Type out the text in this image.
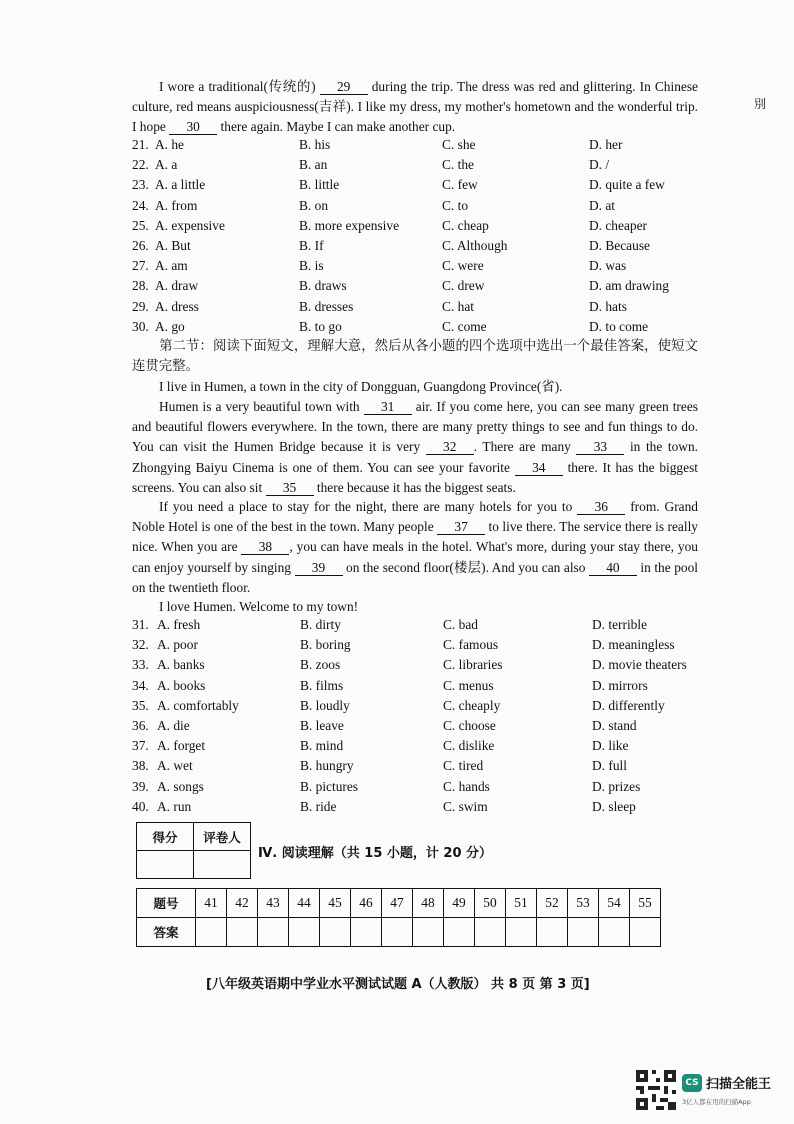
I wore a traditional(传统的) 29 during the trip. The dress was red and glittering. In Chinese culture, red means auspiciousness(吉祥). I like my dress, my mother's hometown and the wonderful trip. I hope 30 there again. Maybe I can make another cup.

別
21. A. he	B. his	C. she	D. her
22. A. a	B. an	C. the	D. /
23. A. a little	B. little	C. few	D. quite a few
24. A. from	B. on	C. to	D. at
25. A. expensive	B. more expensive	C. cheap	D. cheaper
26. A. But	B. If	C. Although	D. Because
27. A. am	B. is	C. were	D. was
28. A. draw	B. draws	C. drew	D. am drawing
29. A. dress	B. dresses	C. hat	D. hats
30. A. go	B. to go	C. come	D. to come

第二节：阅读下面短文，理解大意，然后从各小题的四个选项中选出一个最佳答案，使短文连贯完整。

I live in Humen, a town in the city of Dongguan, Guangdong Province(省).

Humen is a very beautiful town with 31 air. If you come here, you can see many green trees and beautiful flowers everywhere. In the town, there are many pretty things to see and fun things to do. You can visit the Humen Bridge because it is very 32 . There are many 33 in the town. Zhongying Baiyu Cinema is one of them. You can see your favorite 34 there. It has the biggest screens. You can also sit 35 there because it has the biggest seats.

If you need a place to stay for the night, there are many hotels for you to 36 from. Grand Noble Hotel is one of the best in the town. Many people 37 to live there. The service there is really nice. When you are 38 , you can have meals in the hotel. What's more, during your stay there, you can enjoy yourself by singing 39 on the second floor(楼层). And you can also 40 in the pool on the twentieth floor.

I love Humen. Welcome to my town!

31. A. fresh	B. dirty	C. bad	D. terrible
32. A. poor	B. boring	C. famous	D. meaningless
33. A. banks	B. zoos	C. libraries	D. movie theaters
34. A. books	B. films	C. menus	D. mirrors
35. A. comfortably	B. loudly	C. cheaply	D. differently
36. A. die	B. leave	C. choose	D. stand
37. A. forget	B. mind	C. dislike	D. like
38. A. wet	B. hungry	C. tired	D. full
39. A. songs	B. pictures	C. hands	D. prizes
40. A. run	B. ride	C. swim	D. sleep
得分	评卷人

Ⅳ. 阅读理解（共 15 小题，计 20 分）
题号	41	42	43	44	45	46	47	48	49	50	51	52	53	54	55
答案															
[八年级英语期中学业水平测试试题 A（人教版） 共 8 页 第 3 页]
CS 扫描全能王
3亿人都在用的扫描App
